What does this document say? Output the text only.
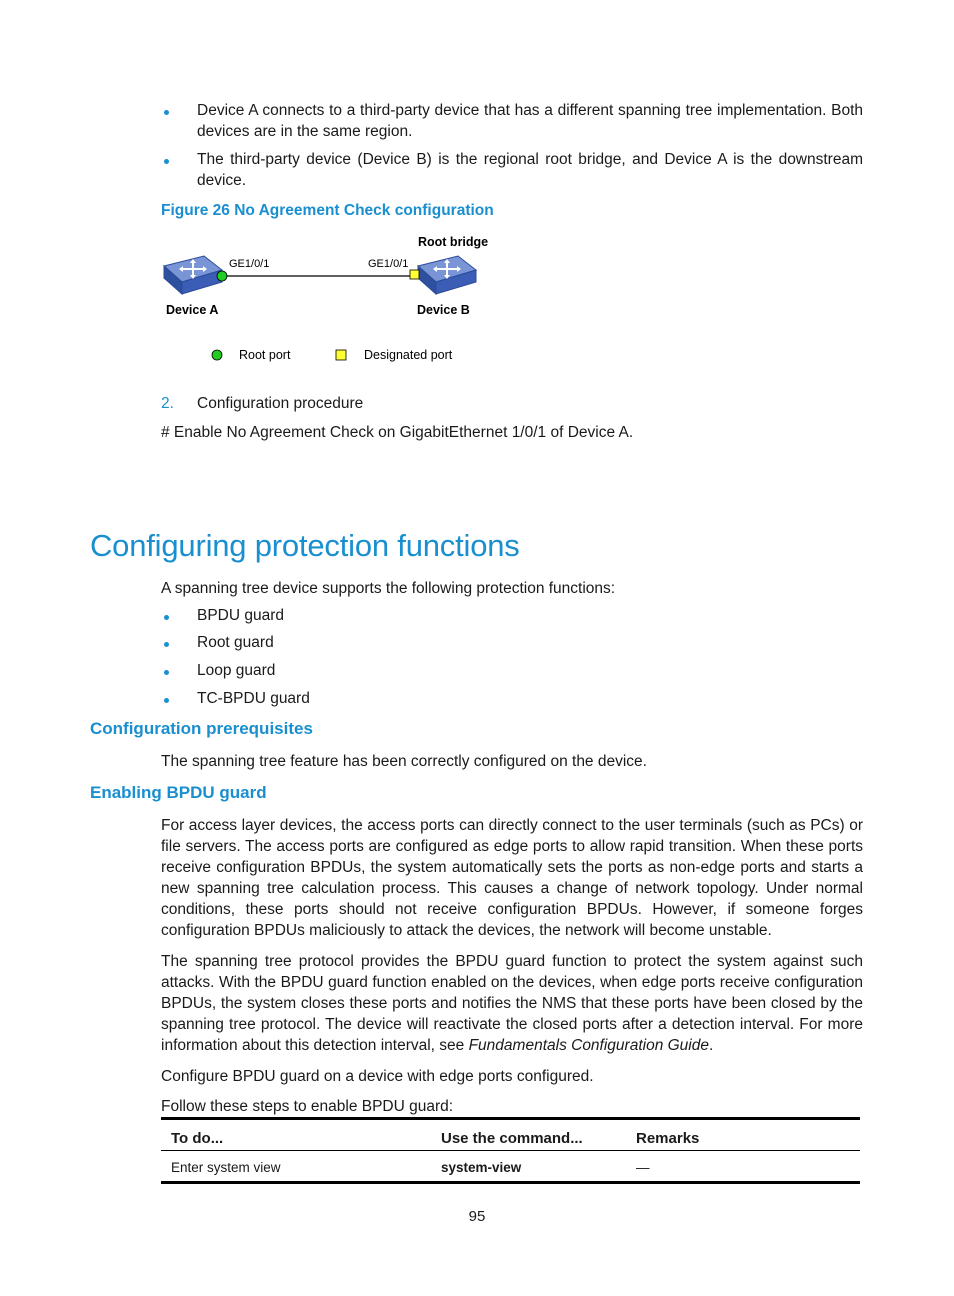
Device A connects to a third-party device that has a different spanning tree implementation. Both devices are in the same region.
The third-party device (Device B) is the regional root bridge, and Device A is the downstream device.
Figure 26 No Agreement Check configuration
Root bridge
GE1/0/1	GE1/0/1
Device A	Device B
Root port	Designated port
2. Configuration procedure
# Enable No Agreement Check on GigabitEthernet 1/0/1 of Device A.
Configuring protection functions
A spanning tree device supports the following protection functions:
BPDU guard
Root guard
Loop guard
TC-BPDU guard
Configuration prerequisites
The spanning tree feature has been correctly configured on the device.
Enabling BPDU guard
For access layer devices, the access ports can directly connect to the user terminals (such as PCs) or file servers. The access ports are configured as edge ports to allow rapid transition. When these ports receive configuration BPDUs, the system automatically sets the ports as non-edge ports and starts a new spanning tree calculation process. This causes a change of network topology. Under normal conditions, these ports should not receive configuration BPDUs. However, if someone forges configuration BPDUs maliciously to attack the devices, the network will become unstable.
The spanning tree protocol provides the BPDU guard function to protect the system against such attacks. With the BPDU guard function enabled on the devices, when edge ports receive configuration BPDUs, the system closes these ports and notifies the NMS that these ports have been closed by the spanning tree protocol. The device will reactivate the closed ports after a detection interval. For more information about this detection interval, see Fundamentals Configuration Guide.
Configure BPDU guard on a device with edge ports configured.
Follow these steps to enable BPDU guard:
To do...	Use the command...	Remarks
Enter system view	system-view	—
95
